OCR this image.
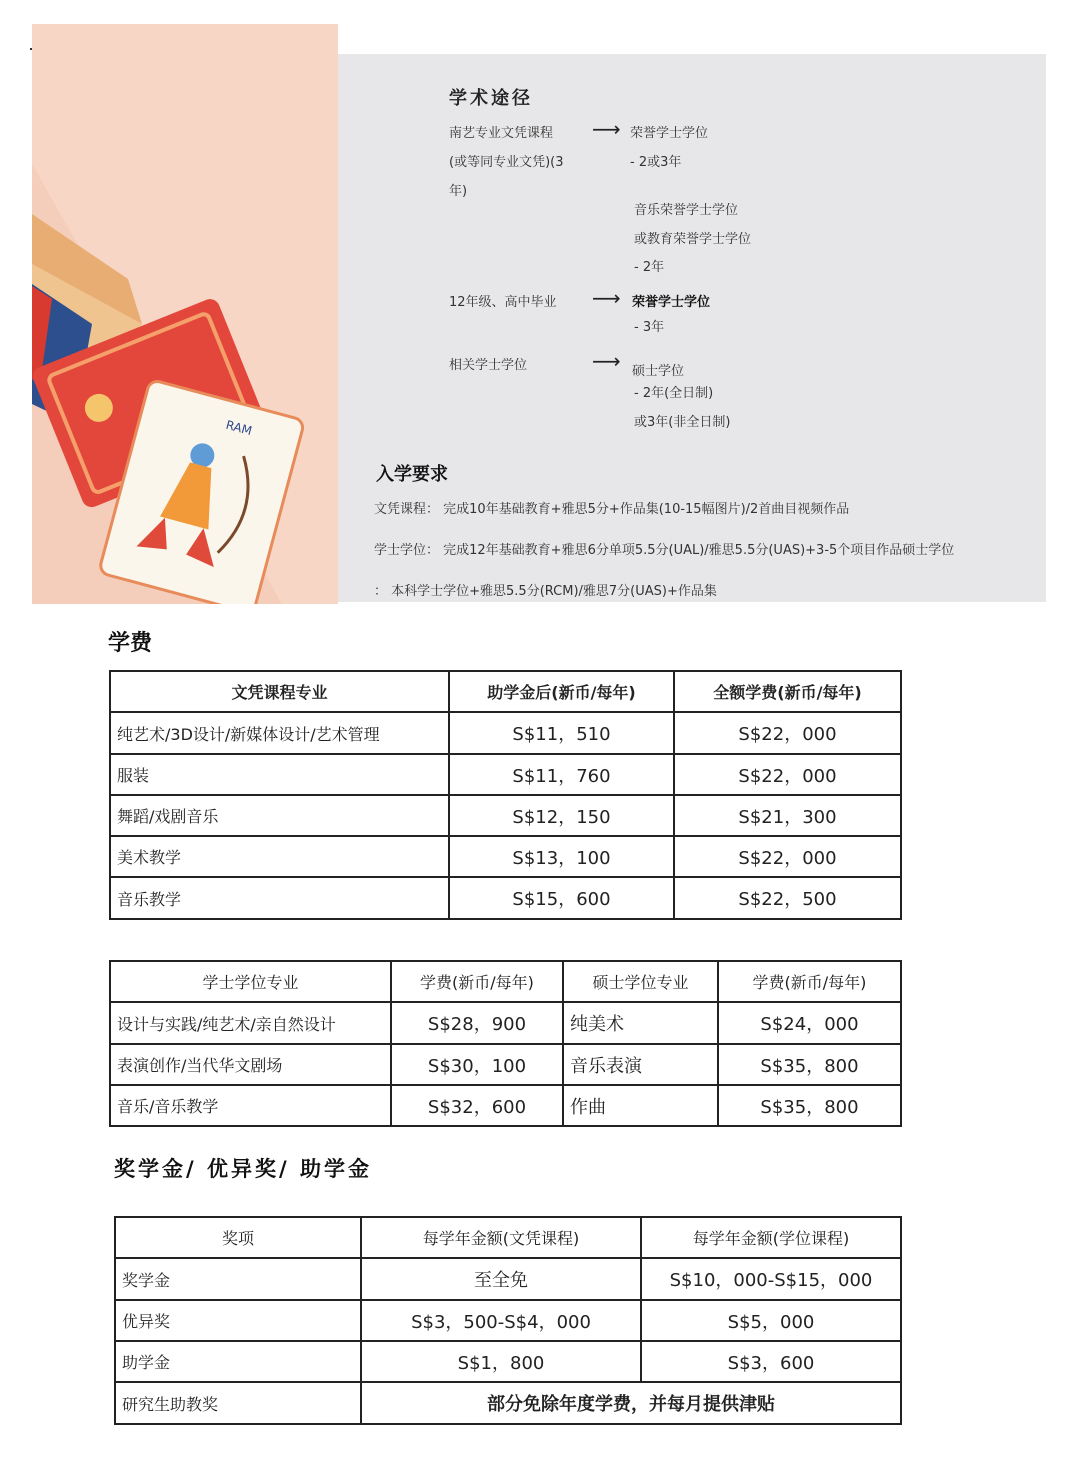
RAM
学术途径
南艺专业文凭课程
(或等同专业文凭)(3
年)
⟶ 荣誉学士学位
- 2或3年
音乐荣誉学士学位
或教育荣誉学士学位
- 2年
12年级、高中毕业 ⟶ 荣誉学士学位
- 3年
相关学士学位	⟶ 硕士学位
- 2年(全日制)
或3年(非全日制)
入学要求
文凭课程： 完成10年基础教育+雅思5分+作品集(10-15幅图片)/2首曲目视频作品
学士学位： 完成12年基础教育+雅思6分单项5.5分(UAL)/雅思5.5分(UAS)+3-5个项目作品硕士学位
： 本科学士学位+雅思5.5分(RCM)/雅思7分(UAS)+作品集
学费
文凭课程专业	助学金后(新币/每年)	全额学费(新币/每年)
纯艺术/3D设计/新媒体设计/艺术管理	S$11，510	S$22，000
服装	S$11，760	S$22，000
舞蹈/戏剧音乐	S$12，150	S$21，300
美术教学	S$13，100	S$22，000
音乐教学	S$15，600	S$22，500
学士学位专业	学费(新币/每年)	硕士学位专业	学费(新币/每年)
设计与实践/纯艺术/亲自然设计	S$28，900	纯美术	S$24，000
表演创作/当代华文剧场	S$30，100	音乐表演	S$35，800
音乐/音乐教学	S$32，600	作曲	S$35，800
奖学金/ 优异奖/ 助学金
奖项	每学年金额(文凭课程)	每学年金额(学位课程)
奖学金	至全免	S$10，000-S$15，000
优异奖	S$3，500-S$4，000	S$5，000
助学金	S$1，800	S$3，600
研究生助教奖	部分免除年度学费，并每月提供津贴	
